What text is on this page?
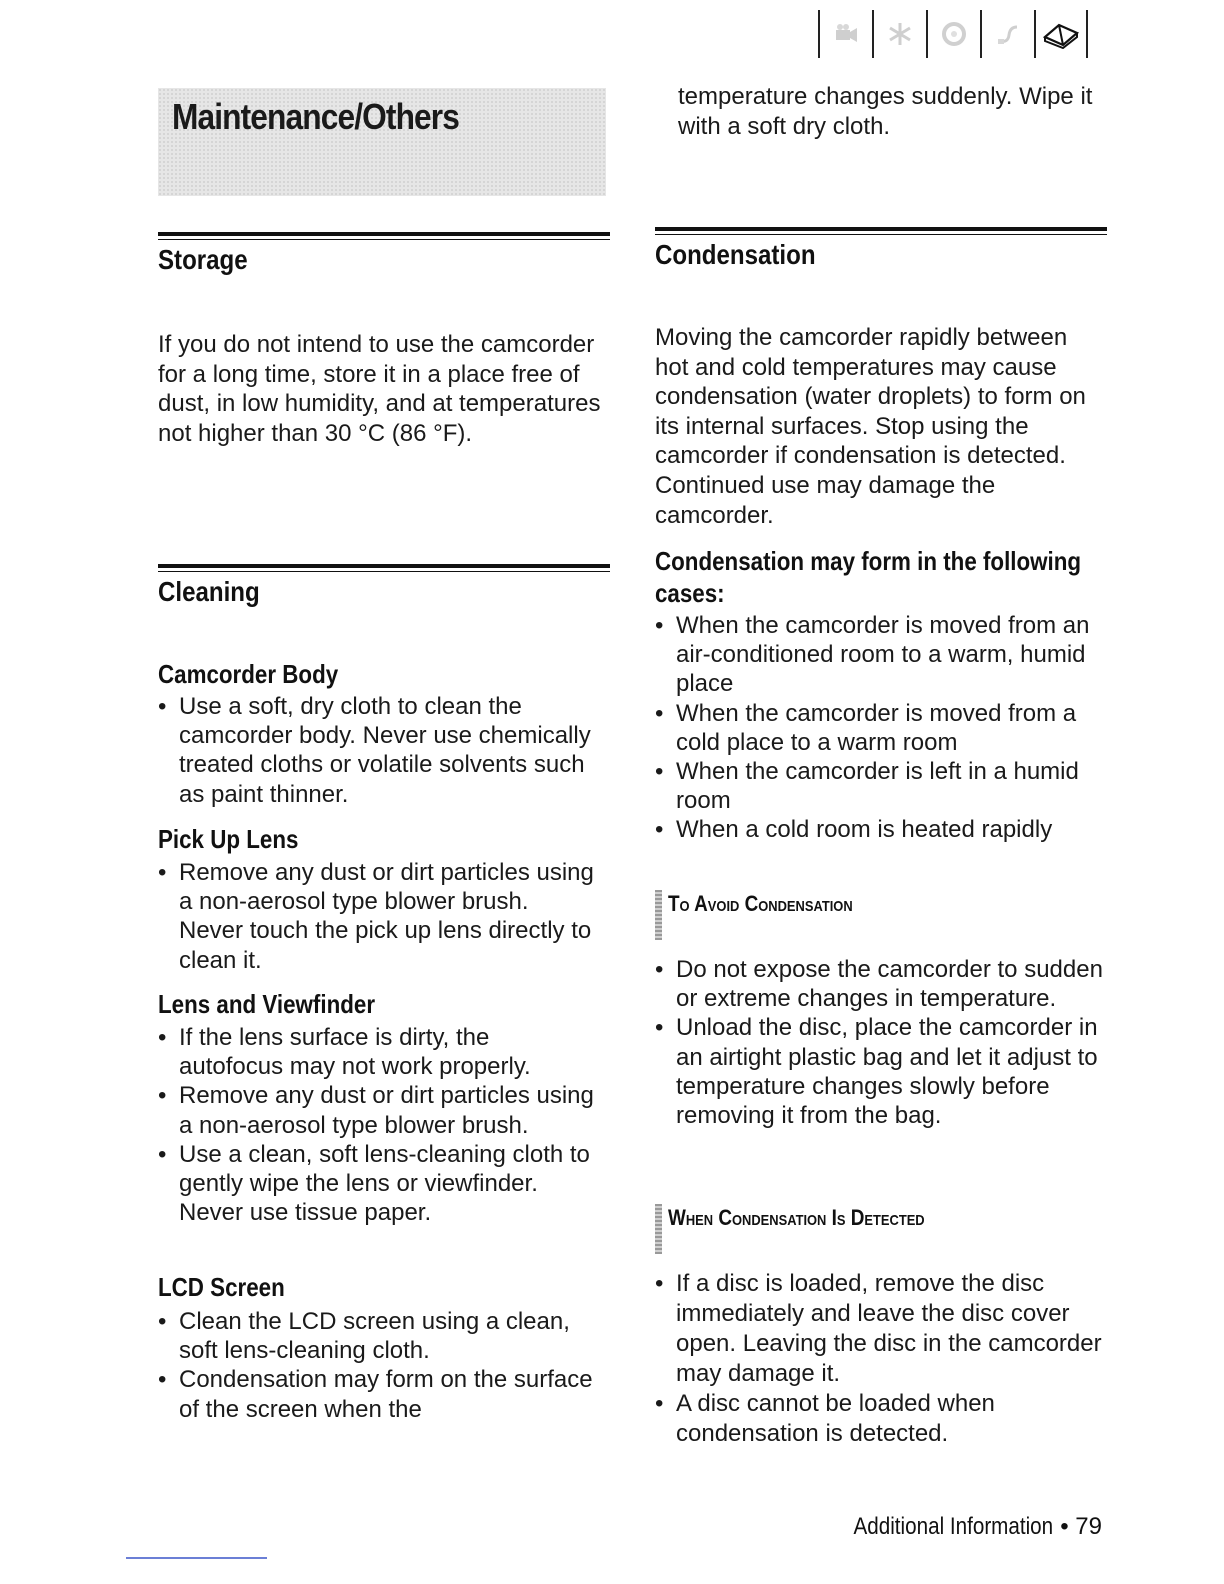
Maintenance/Others
Storage

If you do not intend to use the camcorder for a long time, store it in a place free of dust, in low humidity, and at temperatures not higher than 30 °C (86 °F).

Cleaning
Camcorder Body
• Use a soft, dry cloth to clean the camcorder body. Never use chemically treated cloths or volatile solvents such as paint thinner.
Pick Up Lens
• Remove any dust or dirt particles using a non-aerosol type blower brush. Never touch the pick up lens directly to clean it.
Lens and Viewfinder
• If the lens surface is dirty, the autofocus may not work properly.
• Remove any dust or dirt particles using a non-aerosol type blower brush.
• Use a clean, soft lens-cleaning cloth to gently wipe the lens or viewfinder. Never use tissue paper.
LCD Screen
• Clean the LCD screen using a clean, soft lens-cleaning cloth.
• Condensation may form on the surface of the screen when the

temperature changes suddenly. Wipe it with a soft dry cloth.

Condensation

Moving the camcorder rapidly between hot and cold temperatures may cause condensation (water droplets) to form on its internal surfaces. Stop using the camcorder if condensation is detected. Continued use may damage the camcorder.

Condensation may form in the following cases:
• When the camcorder is moved from an air-conditioned room to a warm, humid place
• When the camcorder is moved from a cold place to a warm room
• When the camcorder is left in a humid room
• When a cold room is heated rapidly
To Avoid Condensation
• Do not expose the camcorder to sudden or extreme changes in temperature.
• Unload the disc, place the camcorder in an airtight plastic bag and let it adjust to temperature changes slowly before removing it from the bag.
When Condensation Is Detected
• If a disc is loaded, remove the disc immediately and leave the disc cover open. Leaving the disc in the camcorder may damage it.
• A disc cannot be loaded when condensation is detected.

Additional Information • 79
